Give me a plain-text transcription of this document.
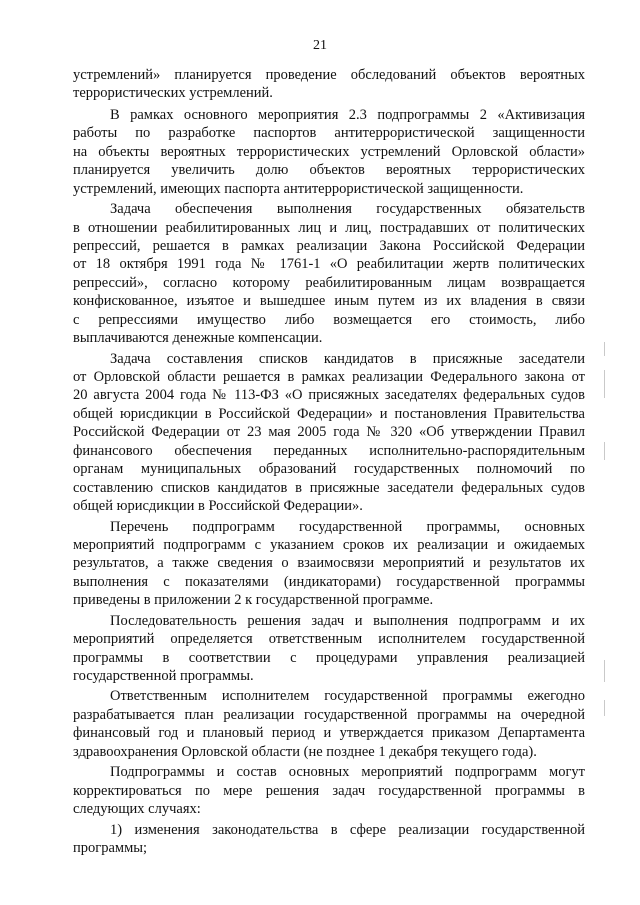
21
устремлений» планируется проведение обследований объектов вероятных
террористических устремлений.
В рамках основного мероприятия 2.3 подпрограммы 2 «Активизация
работы по разработке паспортов антитеррористической защищенности
на объекты вероятных террористических устремлений Орловской области»
планируется увеличить долю объектов вероятных террористических
устремлений, имеющих паспорта антитеррористической защищенности.
Задача обеспечения выполнения государственных обязательств
в отношении реабилитированных лиц и лиц, пострадавших от политических
репрессий, решается в рамках реализации Закона Российской Федерации
от 18 октября 1991 года № 1761-1 «О реабилитации жертв политических
репрессий», согласно которому реабилитированным лицам возвращается
конфискованное, изъятое и вышедшее иным путем из их владения в связи
с репрессиями имущество либо возмещается его стоимость, либо
выплачиваются денежные компенсации.
Задача составления списков кандидатов в присяжные заседатели
от Орловской области решается в рамках реализации Федерального закона от
20 августа 2004 года № 113-ФЗ «О присяжных заседателях федеральных судов
общей юрисдикции в Российской Федерации» и постановления Правительства
Российской Федерации от 23 мая 2005 года № 320 «Об утверждении Правил
финансового обеспечения переданных исполнительно-распорядительным
органам муниципальных образований государственных полномочий по
составлению списков кандидатов в присяжные заседатели федеральных судов
общей юрисдикции в Российской Федерации».
Перечень подпрограмм государственной программы, основных
мероприятий подпрограмм с указанием сроков их реализации и ожидаемых
результатов, а также сведения о взаимосвязи мероприятий и результатов их
выполнения с показателями (индикаторами) государственной программы
приведены в приложении 2 к государственной программе.
Последовательность решения задач и выполнения подпрограмм и их
мероприятий определяется ответственным исполнителем государственной
программы в соответствии с процедурами управления реализацией
государственной программы.
Ответственным исполнителем государственной программы ежегодно
разрабатывается план реализации государственной программы на очередной
финансовый год и плановый период и утверждается приказом Департамента
здравоохранения Орловской области (не позднее 1 декабря текущего года).
Подпрограммы и состав основных мероприятий подпрограмм могут
корректироваться по мере решения задач государственной программы в
следующих случаях:
1) изменения законодательства в сфере реализации государственной
программы;
